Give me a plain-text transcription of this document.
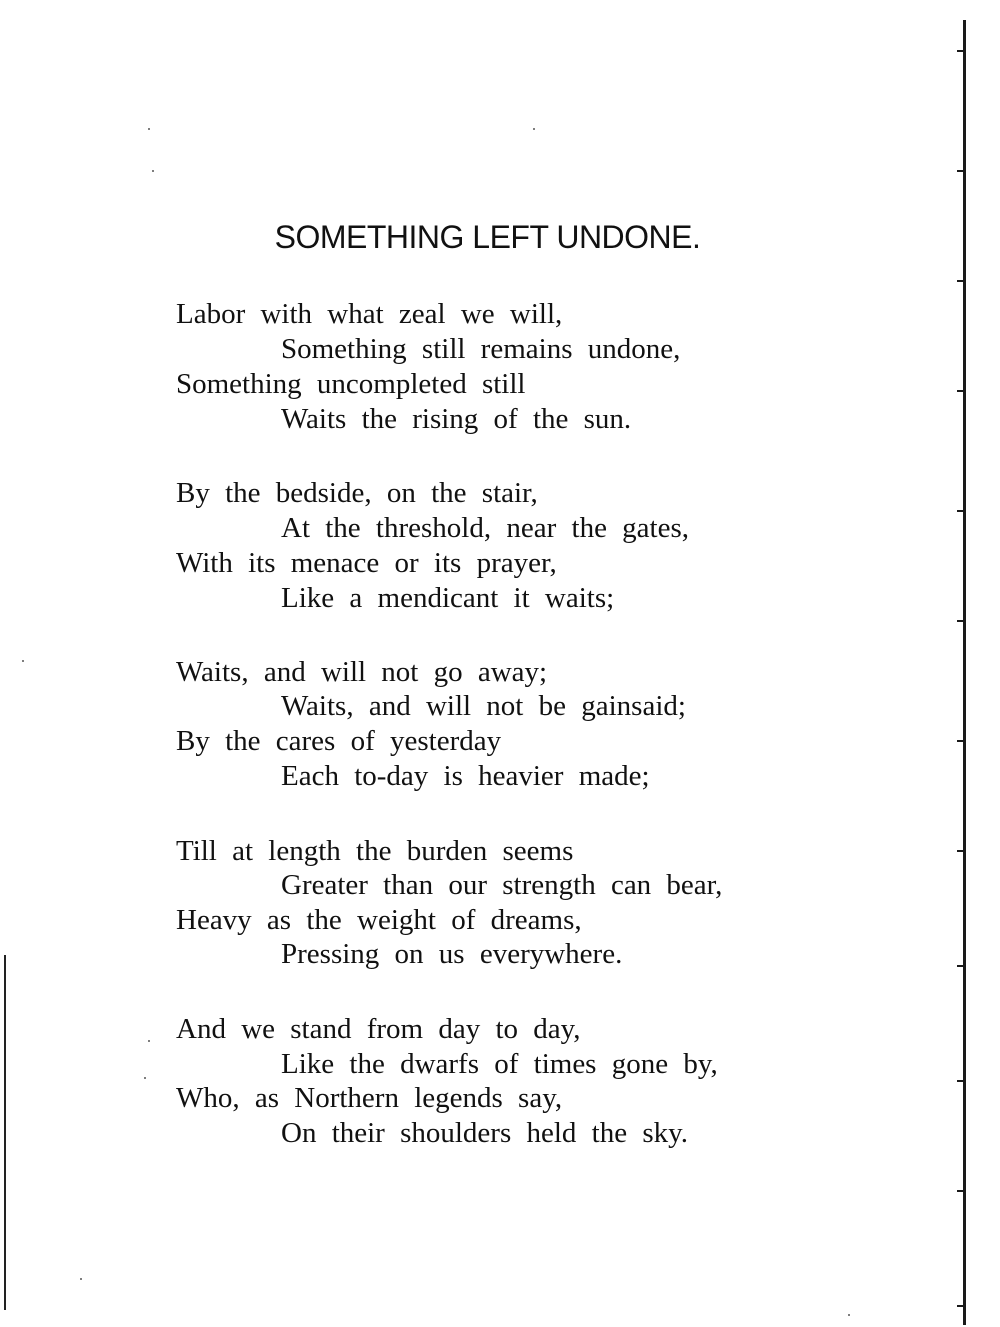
SOMETHING LEFT UNDONE.
Labor with what zeal we will,
Something still remains undone,
Something uncompleted still
Waits the rising of the sun.
By the bedside, on the stair,
At the threshold, near the gates,
With its menace or its prayer,
Like a mendicant it waits;
Waits, and will not go away;
Waits, and will not be gainsaid;
By the cares of yesterday
Each to-day is heavier made;
Till at length the burden seems
Greater than our strength can bear,
Heavy as the weight of dreams,
Pressing on us everywhere.
And we stand from day to day,
Like the dwarfs of times gone by,
Who, as Northern legends say,
On their shoulders held the sky.
